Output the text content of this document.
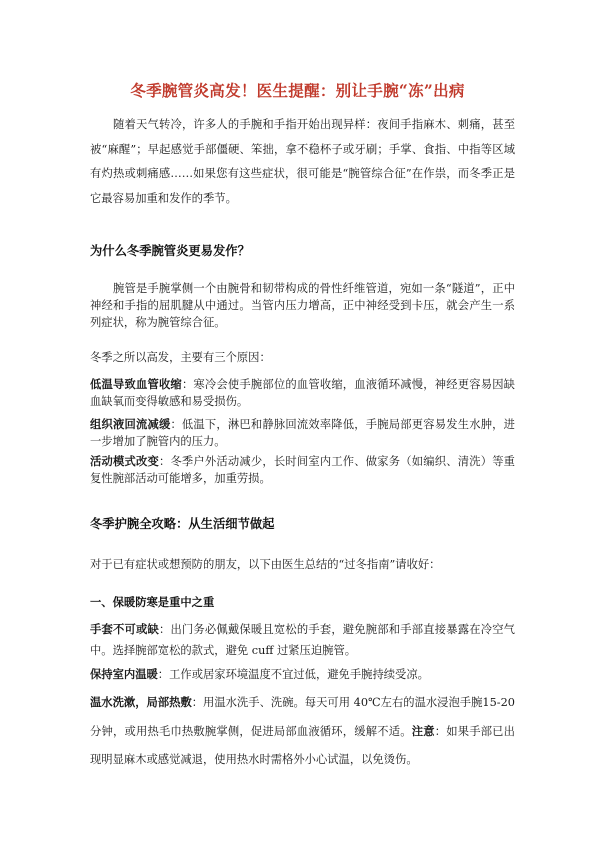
冬季腕管炎高发！医生提醒：别让手腕“冻”出病
随着天气转冷，许多人的手腕和手指开始出现异样：夜间手指麻木、刺痛，甚至被“麻醒”；早起感觉手部僵硬、笨拙，拿不稳杯子或牙刷；手掌、食指、中指等区域有灼热或刺痛感……如果您有这些症状，很可能是“腕管综合征”在作祟，而冬季正是它最容易加重和发作的季节。
为什么冬季腕管炎更易发作？
腕管是手腕掌侧一个由腕骨和韧带构成的骨性纤维管道，宛如一条“隧道”，正中神经和手指的屈肌腱从中通过。当管内压力增高，正中神经受到卡压，就会产生一系列症状，称为腕管综合征。
冬季之所以高发，主要有三个原因：
低温导致血管收缩：寒冷会使手腕部位的血管收缩，血液循环减慢，神经更容易因缺血缺氧而变得敏感和易受损伤。
组织液回流减缓：低温下，淋巴和静脉回流效率降低，手腕局部更容易发生水肿，进一步增加了腕管内的压力。
活动模式改变：冬季户外活动减少，长时间室内工作、做家务（如编织、清洗）等重复性腕部活动可能增多，加重劳损。
冬季护腕全攻略：从生活细节做起
对于已有症状或想预防的朋友，以下由医生总结的“过冬指南”请收好：
一、保暖防寒是重中之重
手套不可或缺：出门务必佩戴保暖且宽松的手套，避免腕部和手部直接暴露在冷空气中。选择腕部宽松的款式，避免 cuff 过紧压迫腕管。
保持室内温暖：工作或居家环境温度不宜过低，避免手腕持续受凉。
温水洗漱，局部热敷：用温水洗手、洗碗。每天可用 40℃左右的温水浸泡手腕15-20 分钟，或用热毛巾热敷腕掌侧，促进局部血液循环，缓解不适。注意：如果手部已出现明显麻木或感觉减退，使用热水时需格外小心试温，以免烫伤。
